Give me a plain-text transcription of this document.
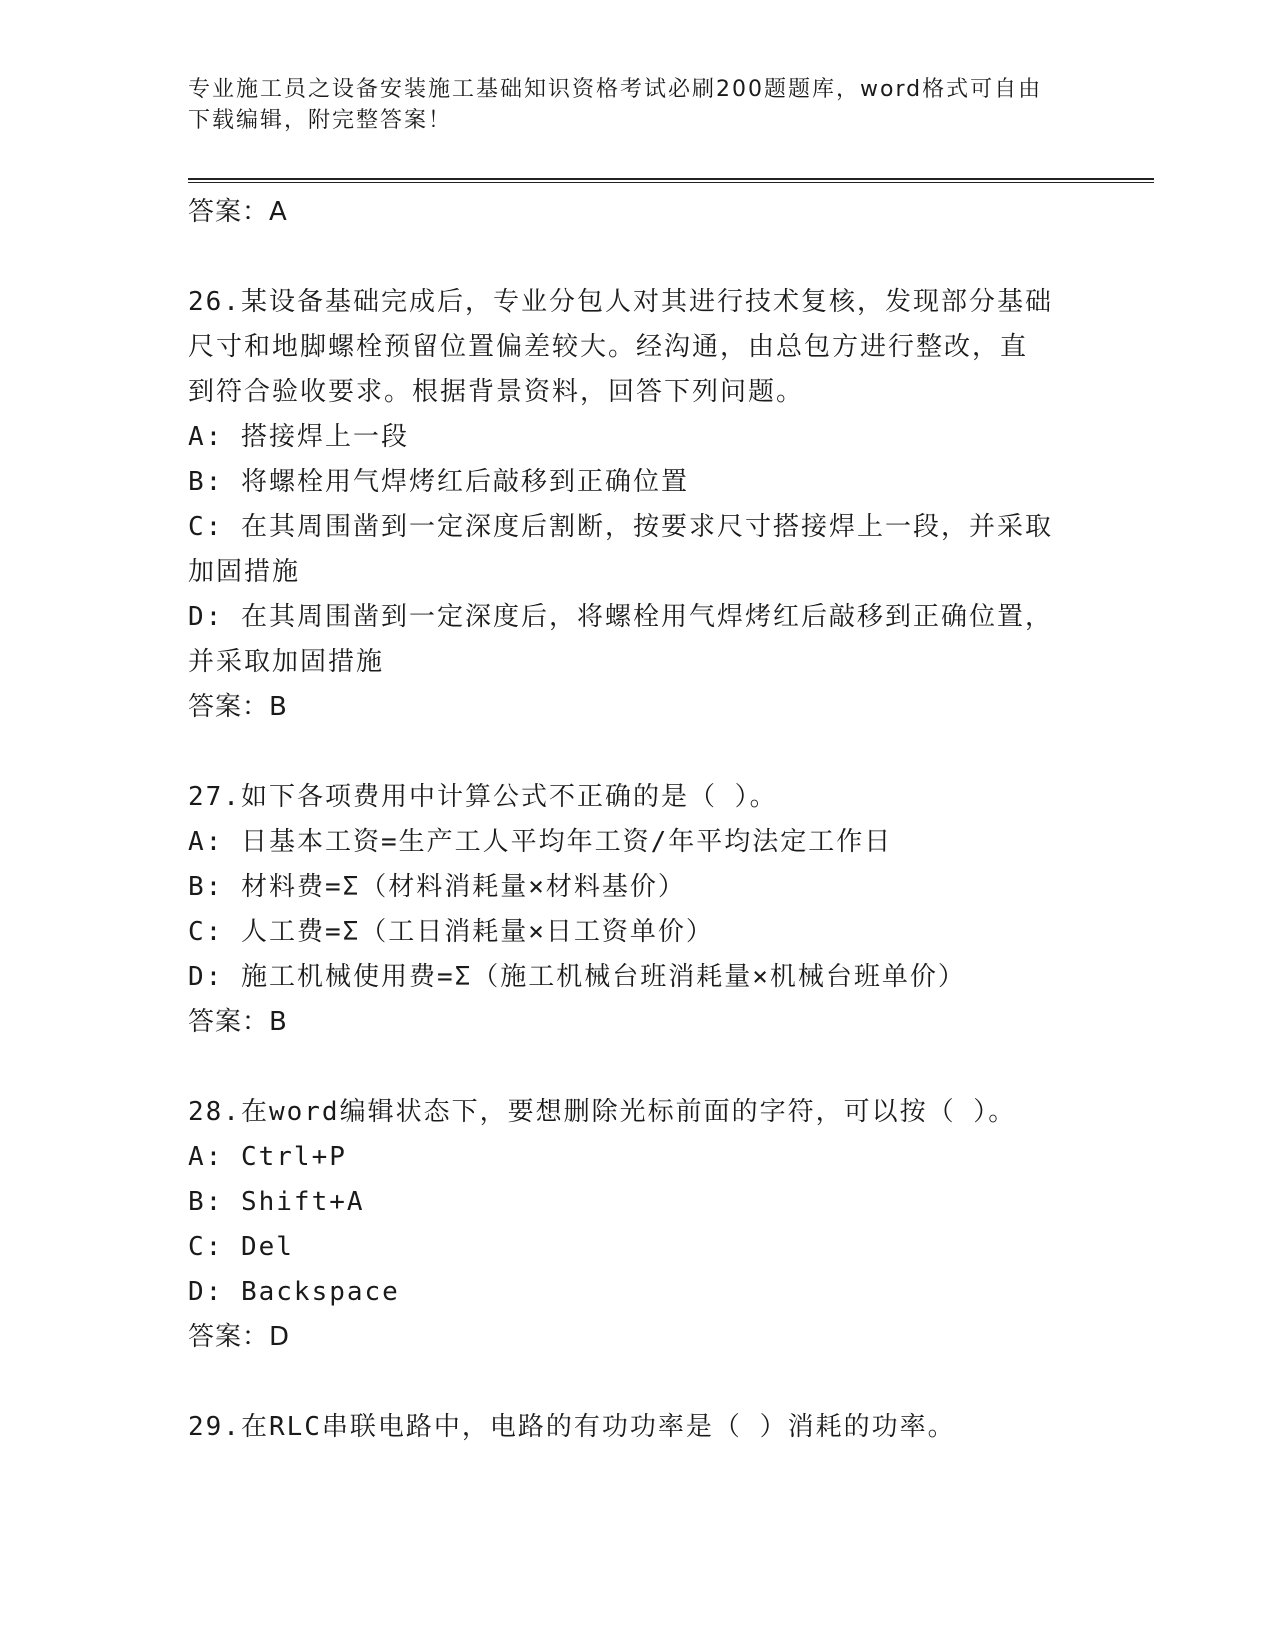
专业施工员之设备安装施工基础知识资格考试必刷200题题库，word格式可自由
下载编辑，附完整答案！
答案：A
26.某设备基础完成后，专业分包人对其进行技术复核，发现部分基础
尺寸和地脚螺栓预留位置偏差较大。经沟通，由总包方进行整改，直
到符合验收要求。根据背景资料，回答下列问题。
A: 搭接焊上一段
B: 将螺栓用气焊烤红后敲移到正确位置
C: 在其周围凿到一定深度后割断，按要求尺寸搭接焊上一段，并采取
加固措施
D: 在其周围凿到一定深度后，将螺栓用气焊烤红后敲移到正确位置，
并采取加固措施
答案：B
27.如下各项费用中计算公式不正确的是（ ）。
A: 日基本工资=生产工人平均年工资/年平均法定工作日
B: 材料费=Σ（材料消耗量×材料基价）
C: 人工费=Σ（工日消耗量×日工资单价）
D: 施工机械使用费=Σ（施工机械台班消耗量×机械台班单价）
答案：B
28.在word编辑状态下，要想删除光标前面的字符，可以按（ ）。
A: Ctrl+P
B: Shift+A
C: Del
D: Backspace
答案：D
29.在RLC串联电路中，电路的有功功率是（ ）消耗的功率。
